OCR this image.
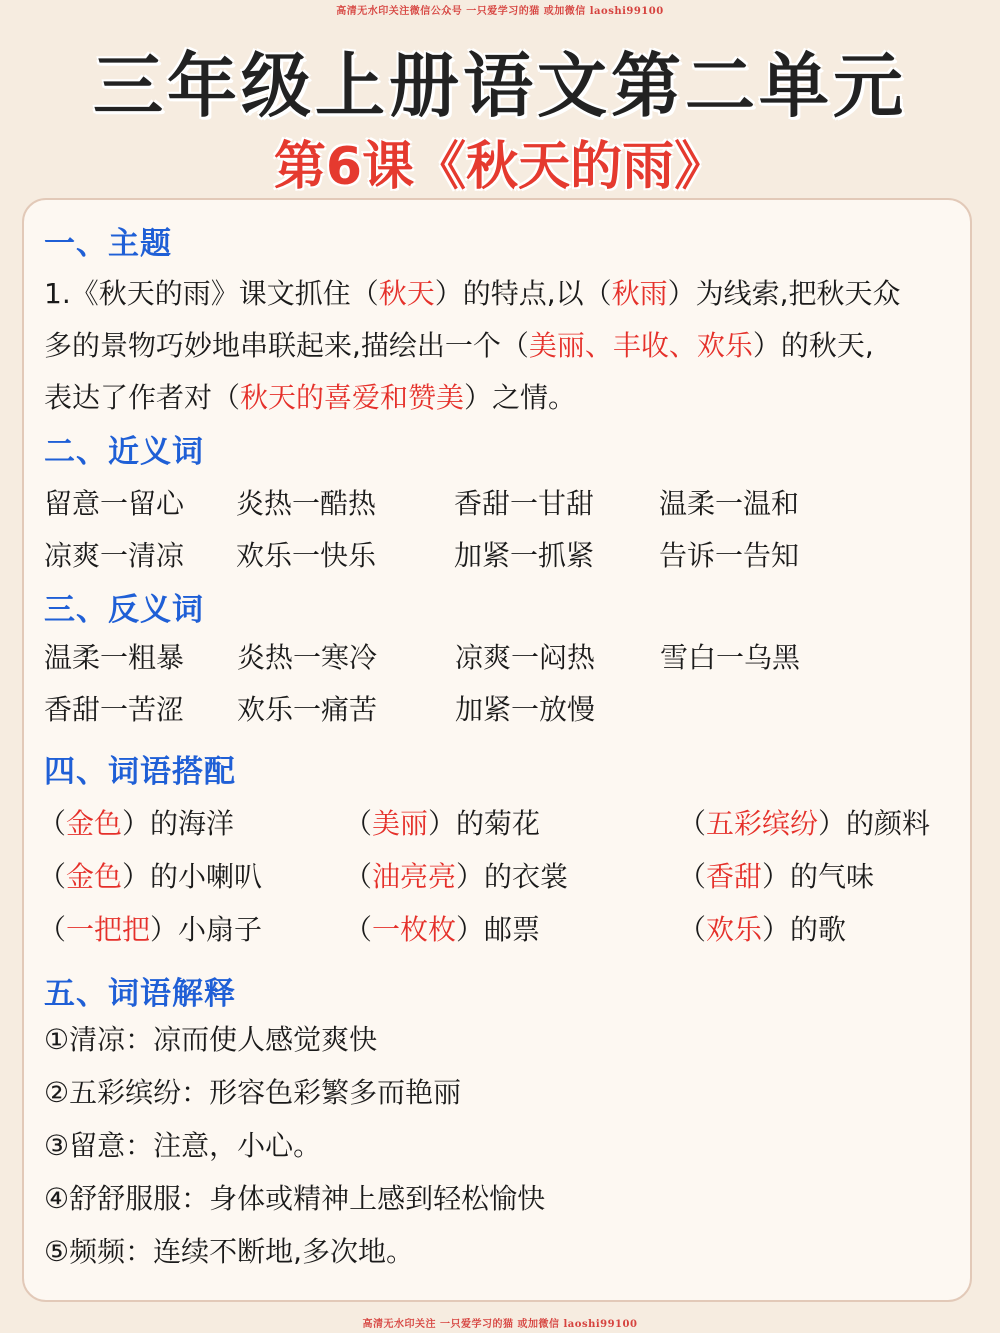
高清无水印关注微信公众号 一只爱学习的猫 或加微信 laoshi99100
三年级上册语文第二单元
第6课《秋天的雨》
一、主题
1.《秋天的雨》课文抓住（秋天）的特点,以（秋雨）为线索,把秋天众
多的景物巧妙地串联起来,描绘出一个（美丽、丰收、欢乐）的秋天,
表达了作者对（秋天的喜爱和赞美）之情。
二、近义词
留意一留心 炎热一酷热	香甜一甘甜 温柔一温和
凉爽一清凉 欢乐一快乐	加紧一抓紧 告诉一告知
三、反义词
温柔一粗暴 炎热一寒冷	凉爽一闷热 雪白一乌黑
香甜一苦涩 欢乐一痛苦	加紧一放慢
四、词语搭配
（金色）的海洋	（美丽）的菊花	（五彩缤纷）的颜料
（金色）的小喇叭	（油亮亮）的衣裳	（香甜）的气味
（一把把）小扇子	（一枚枚）邮票	（欢乐）的歌
五、词语解释
①清凉：凉而使人感觉爽快
②五彩缤纷：形容色彩繁多而艳丽
③留意：注意，小心。
④舒舒服服：身体或精神上感到轻松愉快
⑤频频：连续不断地,多次地。
高清无水印关注 一只爱学习的猫 或加微信 laoshi99100
